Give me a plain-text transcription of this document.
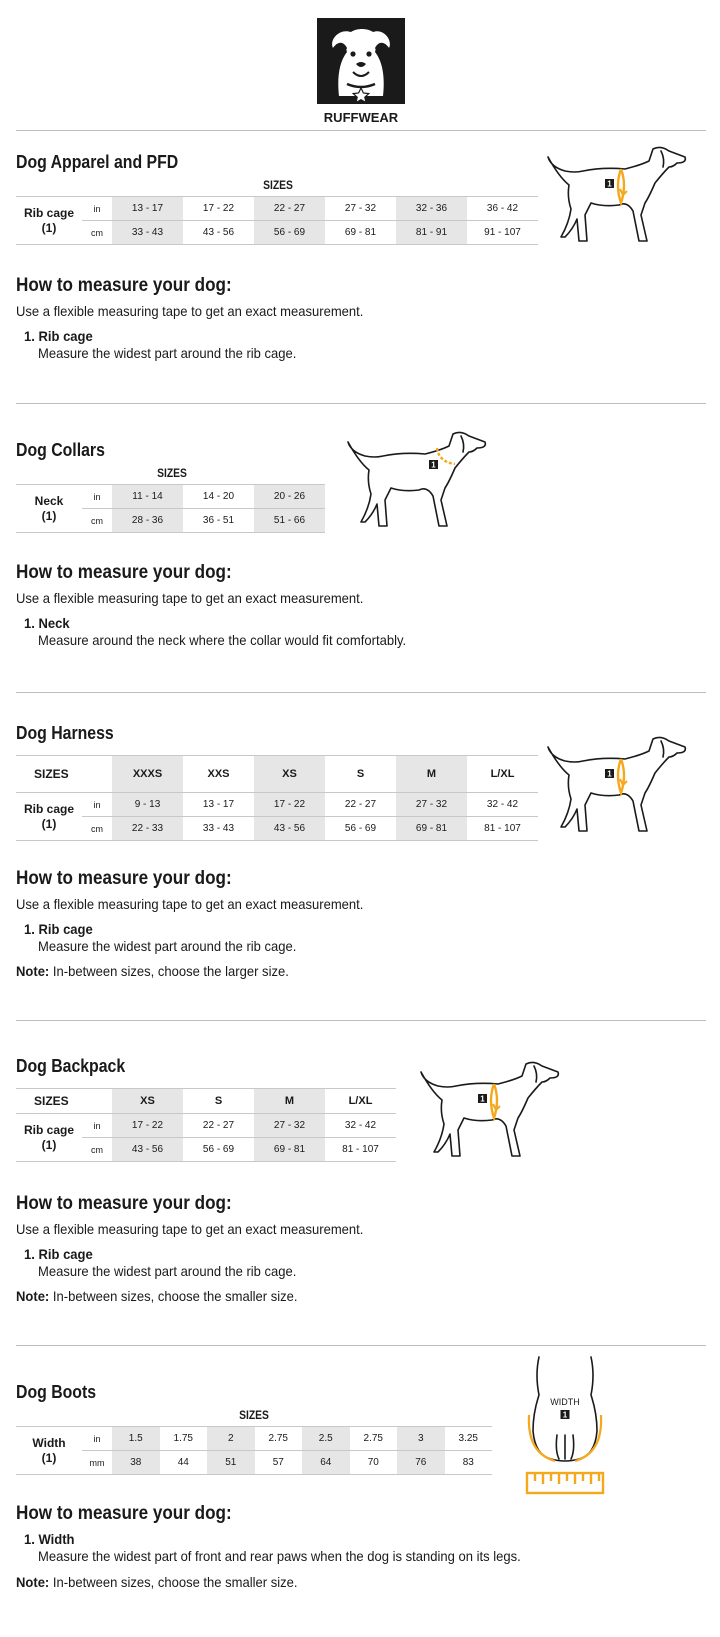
RUFFWEAR
Dog Apparel and PFD
SIZES
Rib cage
(1)	in	13 - 17	17 - 22	22 - 27	27 - 32	32 - 36	36 - 42
	cm	33 - 43	43 - 56	56 - 69	69 - 81	81 - 91	91 - 107
1
How to measure your dog:
Use a flexible measuring tape to get an exact measurement.
1. Rib cage
Measure the widest part around the rib cage.
Dog Collars
SIZES
Neck
(1)	in	11 - 14	14 - 20	20 - 26
	cm	28 - 36	36 - 51	51 - 66
1
How to measure your dog:
Use a flexible measuring tape to get an exact measurement.
1. Neck
Measure around the neck where the collar would fit comfortably.
Dog Harness
SIZES		XXXS	XXS	XS	S	M	L/XL
Rib cage
(1)	in	9 - 13	13 - 17	17 - 22	22 - 27	27 - 32	32 - 42
	cm	22 - 33	33 - 43	43 - 56	56 - 69	69 - 81	81 - 107
1
How to measure your dog:
Use a flexible measuring tape to get an exact measurement.
1. Rib cage
Measure the widest part around the rib cage.
Note: In-between sizes, choose the larger size.
Dog Backpack
SIZES		XS	S	M	L/XL
Rib cage
(1)	in	17 - 22	22 - 27	27 - 32	32 - 42
	cm	43 - 56	56 - 69	69 - 81	81 - 107
1
How to measure your dog:
Use a flexible measuring tape to get an exact measurement.
1. Rib cage
Measure the widest part around the rib cage.
Note: In-between sizes, choose the smaller size.
Dog Boots
SIZES
Width
(1)	in	1.5	1.75	2	2.75	2.5	2.75	3	3.25
	mm	38	44	51	57	64	70	76	83
WIDTH
1
How to measure your dog:
1. Width
Measure the widest part of front and rear paws when the dog is standing on its legs.
Note: In-between sizes, choose the smaller size.
